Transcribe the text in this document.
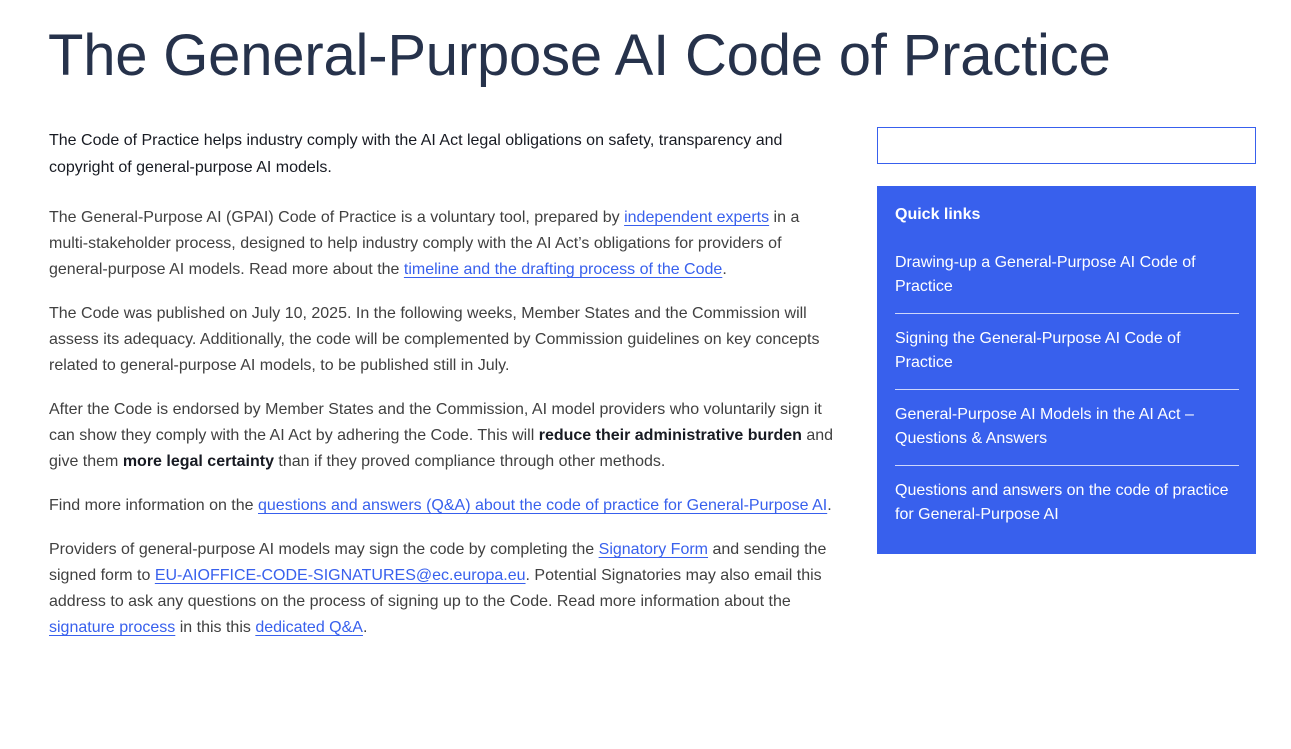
The General-Purpose AI Code of Practice

The Code of Practice helps industry comply with the AI Act legal obligations on safety, transparency and copyright of general-purpose AI models.

The General-Purpose AI (GPAI) Code of Practice is a voluntary tool, prepared by independent experts in a multi-stakeholder process, designed to help industry comply with the AI Act’s obligations for providers of general-purpose AI models. Read more about the timeline and the drafting process of the Code.

The Code was published on July 10, 2025. In the following weeks, Member States and the Commission will assess its adequacy. Additionally, the code will be complemented by Commission guidelines on key concepts related to general-purpose AI models, to be published still in July.

After the Code is endorsed by Member States and the Commission, AI model providers who voluntarily sign it can show they comply with the AI Act by adhering the Code. This will reduce their administrative burden and give them more legal certainty than if they proved compliance through other methods.

Find more information on the questions and answers (Q&A) about the code of practice for General-Purpose AI.

Providers of general-purpose AI models may sign the code by completing the Signatory Form and sending the signed form to EU-AIOFFICE-CODE-SIGNATURES@ec.europa.eu. Potential Signatories may also email this address to ask any questions on the process of signing up to the Code. Read more information about the signature process in this this dedicated Q&A.

Quick links
Drawing-up a General-Purpose AI Code of Practice
Signing the General-Purpose AI Code of Practice
General-Purpose AI Models in the AI Act – Questions & Answers
Questions and answers on the code of practice for General-Purpose AI
